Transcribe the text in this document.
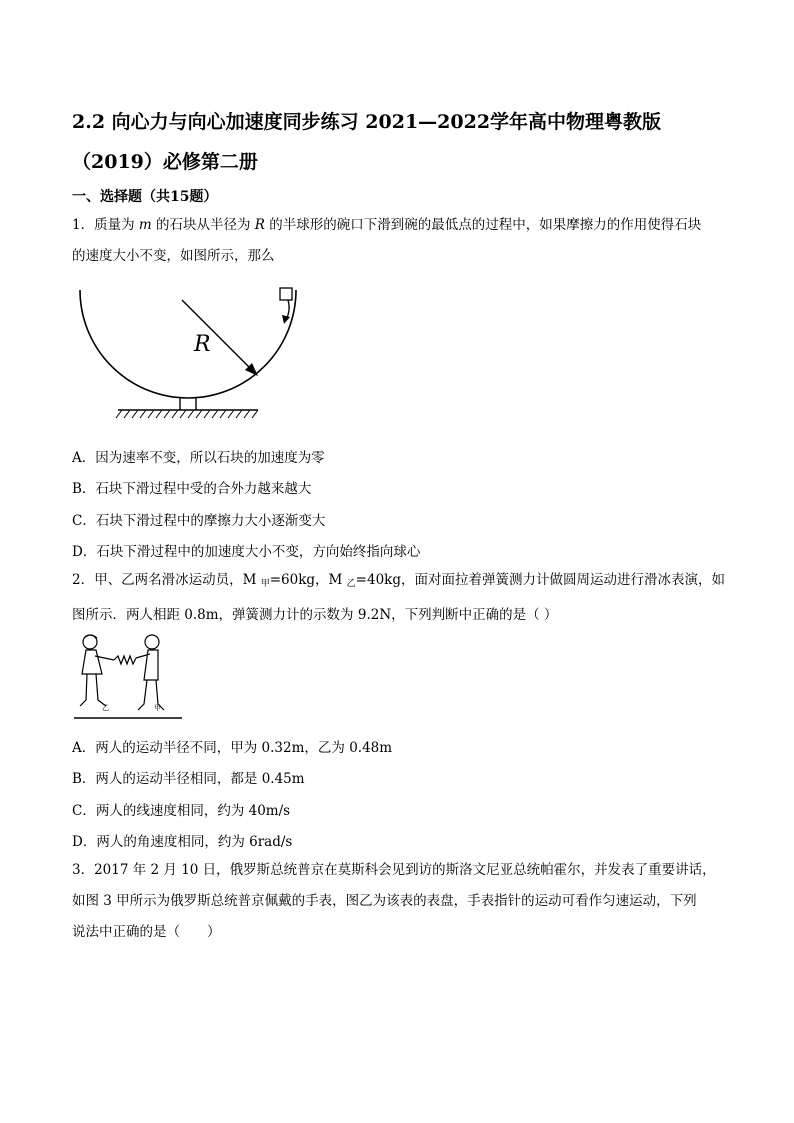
2.2 向心力与向心加速度同步练习 2021—2022学年高中物理粤教版
（2019）必修第二册
一、选择题（共15题）
1．质量为 m 的石块从半径为 R 的半球形的碗口下滑到碗的最低点的过程中，如果摩擦力的作用使得石块
的速度大小不变，如图所示，那么
R
A．因为速率不变，所以石块的加速度为零
B．石块下滑过程中受的合外力越来越大
C．石块下滑过程中的摩擦力大小逐渐变大
D．石块下滑过程中的加速度大小不变，方向始终指向球心
2．甲、乙两名滑冰运动员，M $_甲$=60kg，M $_乙$=40kg，面对面拉着弹簧测力计做圆周运动进行滑冰表演，如
图所示．两人相距 0.8m，弹簧测力计的示数为 9.2N，下列判断中正确的是（ ）
乙	甲
A．两人的运动半径不同，甲为 0.32m，乙为 0.48m
B．两人的运动半径相同，都是 0.45m
C．两人的线速度相同，约为 40m/s
D．两人的角速度相同，约为 6rad/s
3．2017 年 2 月 10 日，俄罗斯总统普京在莫斯科会见到访的斯洛文尼亚总统帕霍尔，并发表了重要讲话，
如图 3 甲所示为俄罗斯总统普京佩戴的手表，图乙为该表的表盘，手表指针的运动可看作匀速运动，下列
说法中正确的是（　　）
